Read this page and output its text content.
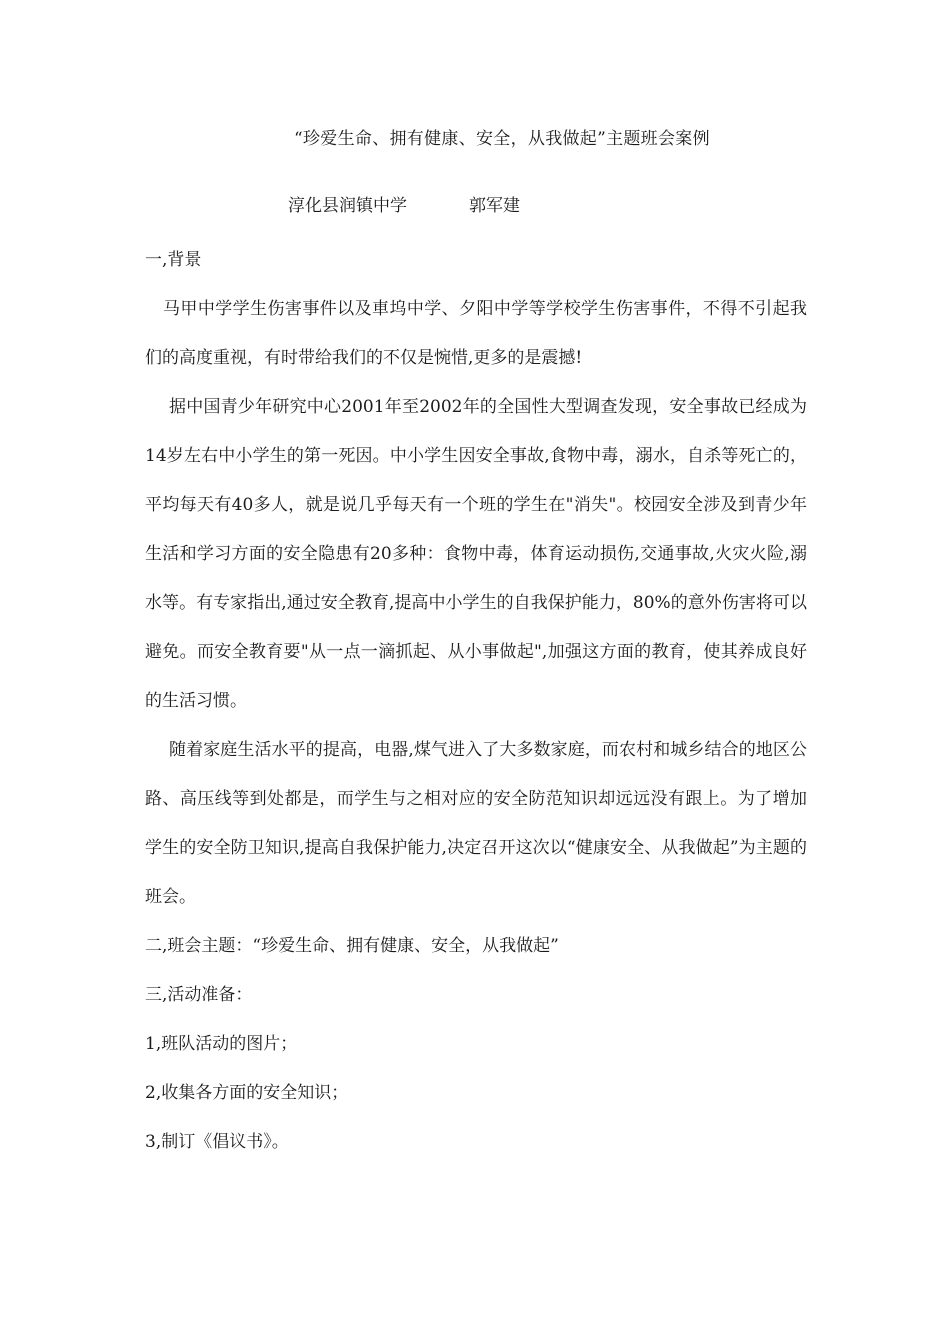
“珍爱生命、拥有健康、安全，从我做起”主题班会案例
淳化县润镇中学	郭军建

一,背景

马甲中学学生伤害事件以及車坞中学、夕阳中学等学校学生伤害事件，不得不引起我们的高度重视，有时带给我们的不仅是惋惜,更多的是震撼!

据中国青少年研究中心2001年至2002年的全国性大型调查发现，安全事故已经成为14岁左右中小学生的第一死因。中小学生因安全事故,食物中毒，溺水，自杀等死亡的，平均每天有40多人，就是说几乎每天有一个班的学生在"消失"。校园安全涉及到青少年生活和学习方面的安全隐患有20多种：食物中毒，体育运动损伤,交通事故,火灾火险,溺水等。有专家指出,通过安全教育,提高中小学生的自我保护能力，80%的意外伤害将可以避免。而安全教育要"从一点一滴抓起、从小事做起",加强这方面的教育，使其养成良好的生活习惯。

随着家庭生活水平的提高，电器,煤气进入了大多数家庭，而农村和城乡结合的地区公路、高压线等到处都是，而学生与之相对应的安全防范知识却远远没有跟上。为了增加学生的安全防卫知识,提高自我保护能力,决定召开这次以“健康安全、从我做起”为主题的班会。

二,班会主题：“珍爱生命、拥有健康、安全，从我做起”

三,活动准备：

1,班队活动的图片；

2,收集各方面的安全知识；

3,制订《倡议书》。
